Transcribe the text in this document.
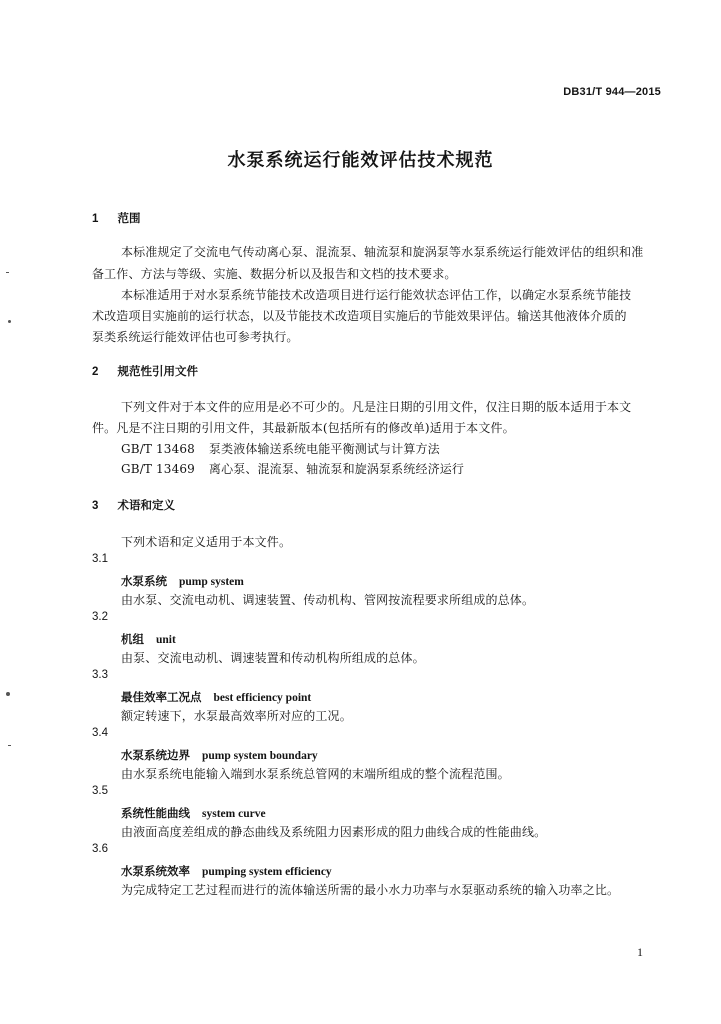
DB31/T 944—2015
水泵系统运行能效评估技术规范
1 范围
本标准规定了交流电气传动离心泵、混流泵、轴流泵和旋涡泵等水泵系统运行能效评估的组织和准
备工作、方法与等级、实施、数据分析以及报告和文档的技术要求。
本标准适用于对水泵系统节能技术改造项目进行运行能效状态评估工作，以确定水泵系统节能技
术改造项目实施前的运行状态，以及节能技术改造项目实施后的节能效果评估。输送其他液体介质的
泵类系统运行能效评估也可参考执行。
2 规范性引用文件
下列文件对于本文件的应用是必不可少的。凡是注日期的引用文件，仅注日期的版本适用于本文
件。凡是不注日期的引用文件，其最新版本(包括所有的修改单)适用于本文件。
GB/T 13468 泵类液体输送系统电能平衡测试与计算方法
GB/T 13469 离心泵、混流泵、轴流泵和旋涡泵系统经济运行
3 术语和定义
下列术语和定义适用于本文件。
3.1
水泵系统 pump system
由水泵、交流电动机、调速装置、传动机构、管网按流程要求所组成的总体。
3.2
机组 unit
由泵、交流电动机、调速装置和传动机构所组成的总体。
3.3
最佳效率工况点 best efficiency point
额定转速下，水泵最高效率所对应的工况。
3.4
水泵系统边界 pump system boundary
由水泵系统电能输入端到水泵系统总管网的末端所组成的整个流程范围。
3.5
系统性能曲线 system curve
由液面高度差组成的静态曲线及系统阻力因素形成的阻力曲线合成的性能曲线。
3.6
水泵系统效率 pumping system efficiency
为完成特定工艺过程而进行的流体输送所需的最小水力功率与水泵驱动系统的输入功率之比。
1
